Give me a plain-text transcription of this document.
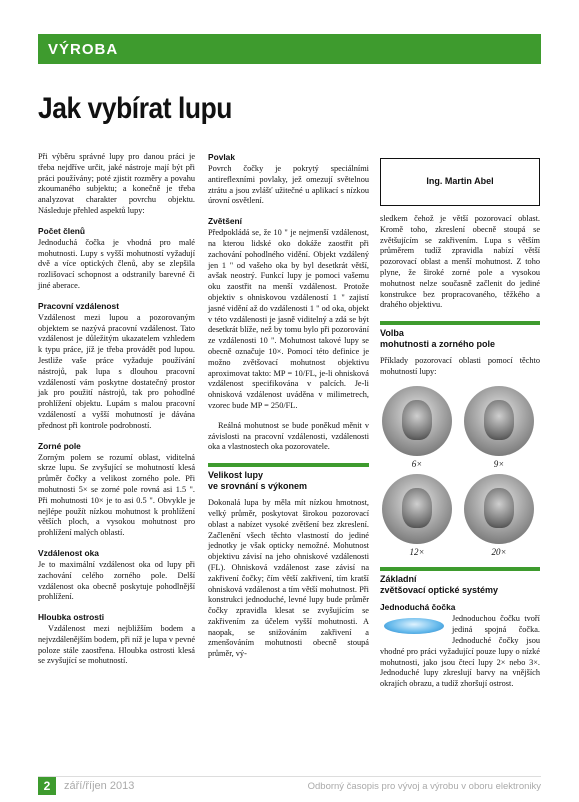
VÝROBA
Jak vybírat lupu

Při výběru správné lupy pro danou práci je třeba nejdříve určit, jaké nástroje mají být při práci používány; poté zjistit rozměry a povahu zkoumaného subjektu; a konečně je třeba analyzovat charakter povrchu objektu. Následuje přehled aspektů lupy:

Počet členů

Jednoduchá čočka je vhodná pro malé mohutnosti. Lupy s vyšší mohutností vyžadují dvě a více optických členů, aby se zlepšila rozlišovací schopnost a odstranily barevné či jiné aberace.

Pracovní vzdálenost

Vzdálenost mezi lupou a pozorovaným objektem se nazývá pracovní vzdálenost. Tato vzdálenost je důležitým ukazatelem vzhledem k typu práce, jíž je třeba provádět pod lupou. Jestliže vaše práce vyžaduje používání nástrojů, pak lupa s dlouhou pracovní vzdáleností vám poskytne dostatečný prostor jak pro použití nástrojů, tak pro pohodlné prohlížení objektu. Lupám s malou pracovní vzdáleností a vyšší mohutností je dávána přednost při kontrole podrobností.

Zorné pole

Zorným polem se rozumí oblast, viditelná skrze lupu. Se zvyšující se mohutností klesá průměr čočky a velikost zorného pole. Při mohutnosti 5× se zorné pole rovná asi 1.5 ". Při mohutnosti 10× je to asi 0.5 ". Obvykle je nejlépe použít nízkou mohutnost k prohlížení větších ploch, a vysokou mohutnost pro prohlížení malých oblastí.

Vzdálenost oka

Je to maximální vzdálenost oka od lupy při zachování celého zorného pole. Delší vzdálenost oka obecně poskytuje pohodlnější prohlížení.

Hloubka ostrosti

Vzdálenost mezi nejbližším bodem a nejvzdálenějším bodem, při níž je lupa v pevné poloze stále zaostřena. Hloubka ostrosti klesá se zvyšující se mohutností.

Povlak

Povrch čočky je pokrytý speciálními antireflexními povlaky, jež omezují světelnou ztrátu a jsou zvlášť užitečné u aplikací s nízkou úrovní osvětlení.

Zvětšení

Předpokládá se, že 10 " je nejmenší vzdálenost, na kterou lidské oko dokáže zaostřit při zachování pohodlného vidění. Objekt vzdálený jen 1 " od vašeho oka by byl desetkrát větší, avšak neostrý. Funkcí lupy je pomoci vašemu oku zaostřit na menší vzdálenost. Protože objektiv s ohniskovou vzdáleností 1 " zajistí jasné vidění až do vzdálenosti 1 " od oka, objekt v této vzdálenosti je jasně viditelný a zdá se být desetkrát blíže, než by tomu bylo při pozorování ze vzdálenosti 10 ". Mohutnost takové lupy se obecně označuje 10×. Pomocí této definice je možno zvětšovací mohutnost objektivu aproximovat takto: MP = 10/FL, je-li ohnisková vzdálenost specifikována v palcích. Je-li ohnisková vzdálenost uváděna v milimetrech, vzorec bude MP = 250/FL.

Reálná mohutnost se bude poněkud měnit v závislosti na pracovní vzdálenosti, vzdálenosti oka a vlastnostech oka pozorovatele.

Velikost lupy
ve srovnání s výkonem

Dokonalá lupa by měla mít nízkou hmotnost, velký průměr, poskytovat širokou pozorovací oblast a nabízet vysoké zvětšení bez zkreslení. Začlenění všech těchto vlastností do jediné jednotky je však opticky nemožné. Mohutnost objektivu závisí na jeho ohniskové vzdálenosti (FL). Ohnisková vzdálenost zase závisí na zakřivení čočky; čím větší zakřivení, tím kratší ohnisková vzdálenost a tím větší mohutnost. Při konstrukci jednoduché, levné lupy bude průměr čočky zpravidla klesat se zvyšujícím se zakřivením za účelem vyšší mohutnosti. A naopak, se snižováním zakřivení a zmenšováním mohutnosti obecně stoupá průměr, vý-

Ing. Martin Abel

sledkem čehož je větší pozorovací oblast. Kromě toho, zkreslení obecně stoupá se zvětšujícím se zakřivením. Lupa s větším průměrem tudíž zpravidla nabízí větší pozorovací oblast a menší mohutnost. Z toho plyne, že široké zorné pole a vysokou mohutnost nelze současně začlenit do jediné konstrukce bez propracovaného, těžkého a drahého objektivu.

Volba
mohutnosti a zorného pole

Příklady pozorovací oblasti pomocí těchto mohutností lupy:

6×	9×
12×	20×
Základní
zvětšovací optické systémy
Jednoduchá čočka

Jednoduchou čočku tvoří jediná spojná čočka. Jednoduché čočky jsou vhodné pro práci vyžadující pouze lupy o nízké mohutnosti, jako jsou čtecí lupy 2× nebo 3×. Jednoduché lupy zkreslují barvy na vnějších okrajích obrazu, a tudíž zhoršují ostrost.

2	září/říjen 2013	Odborný časopis pro vývoj a výrobu v oboru elektroniky
